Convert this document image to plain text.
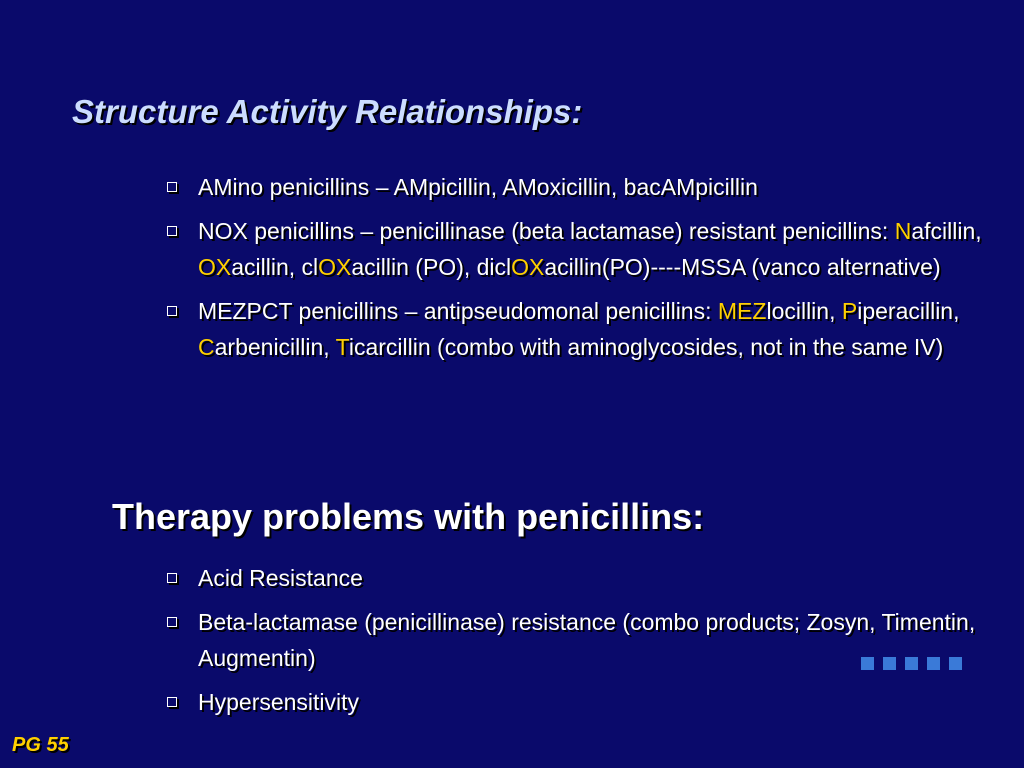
Structure Activity Relationships:
AMino penicillins – AMpicillin, AMoxicillin, bacAMpicillin
NOX penicillins – penicillinase (beta lactamase) resistant penicillins: Nafcillin, OXacillin, clOXacillin (PO), diclOXacillin(PO)----MSSA (vanco alternative)
MEZPCT penicillins – antipseudomonal penicillins: MEZlocillin, Piperacillin, Carbenicillin, Ticarcillin (combo with aminoglycosides, not in the same IV)
Therapy problems with penicillins:
Acid Resistance
Beta-lactamase (penicillinase) resistance (combo products; Zosyn, Timentin, Augmentin)
Hypersensitivity
PG 55
